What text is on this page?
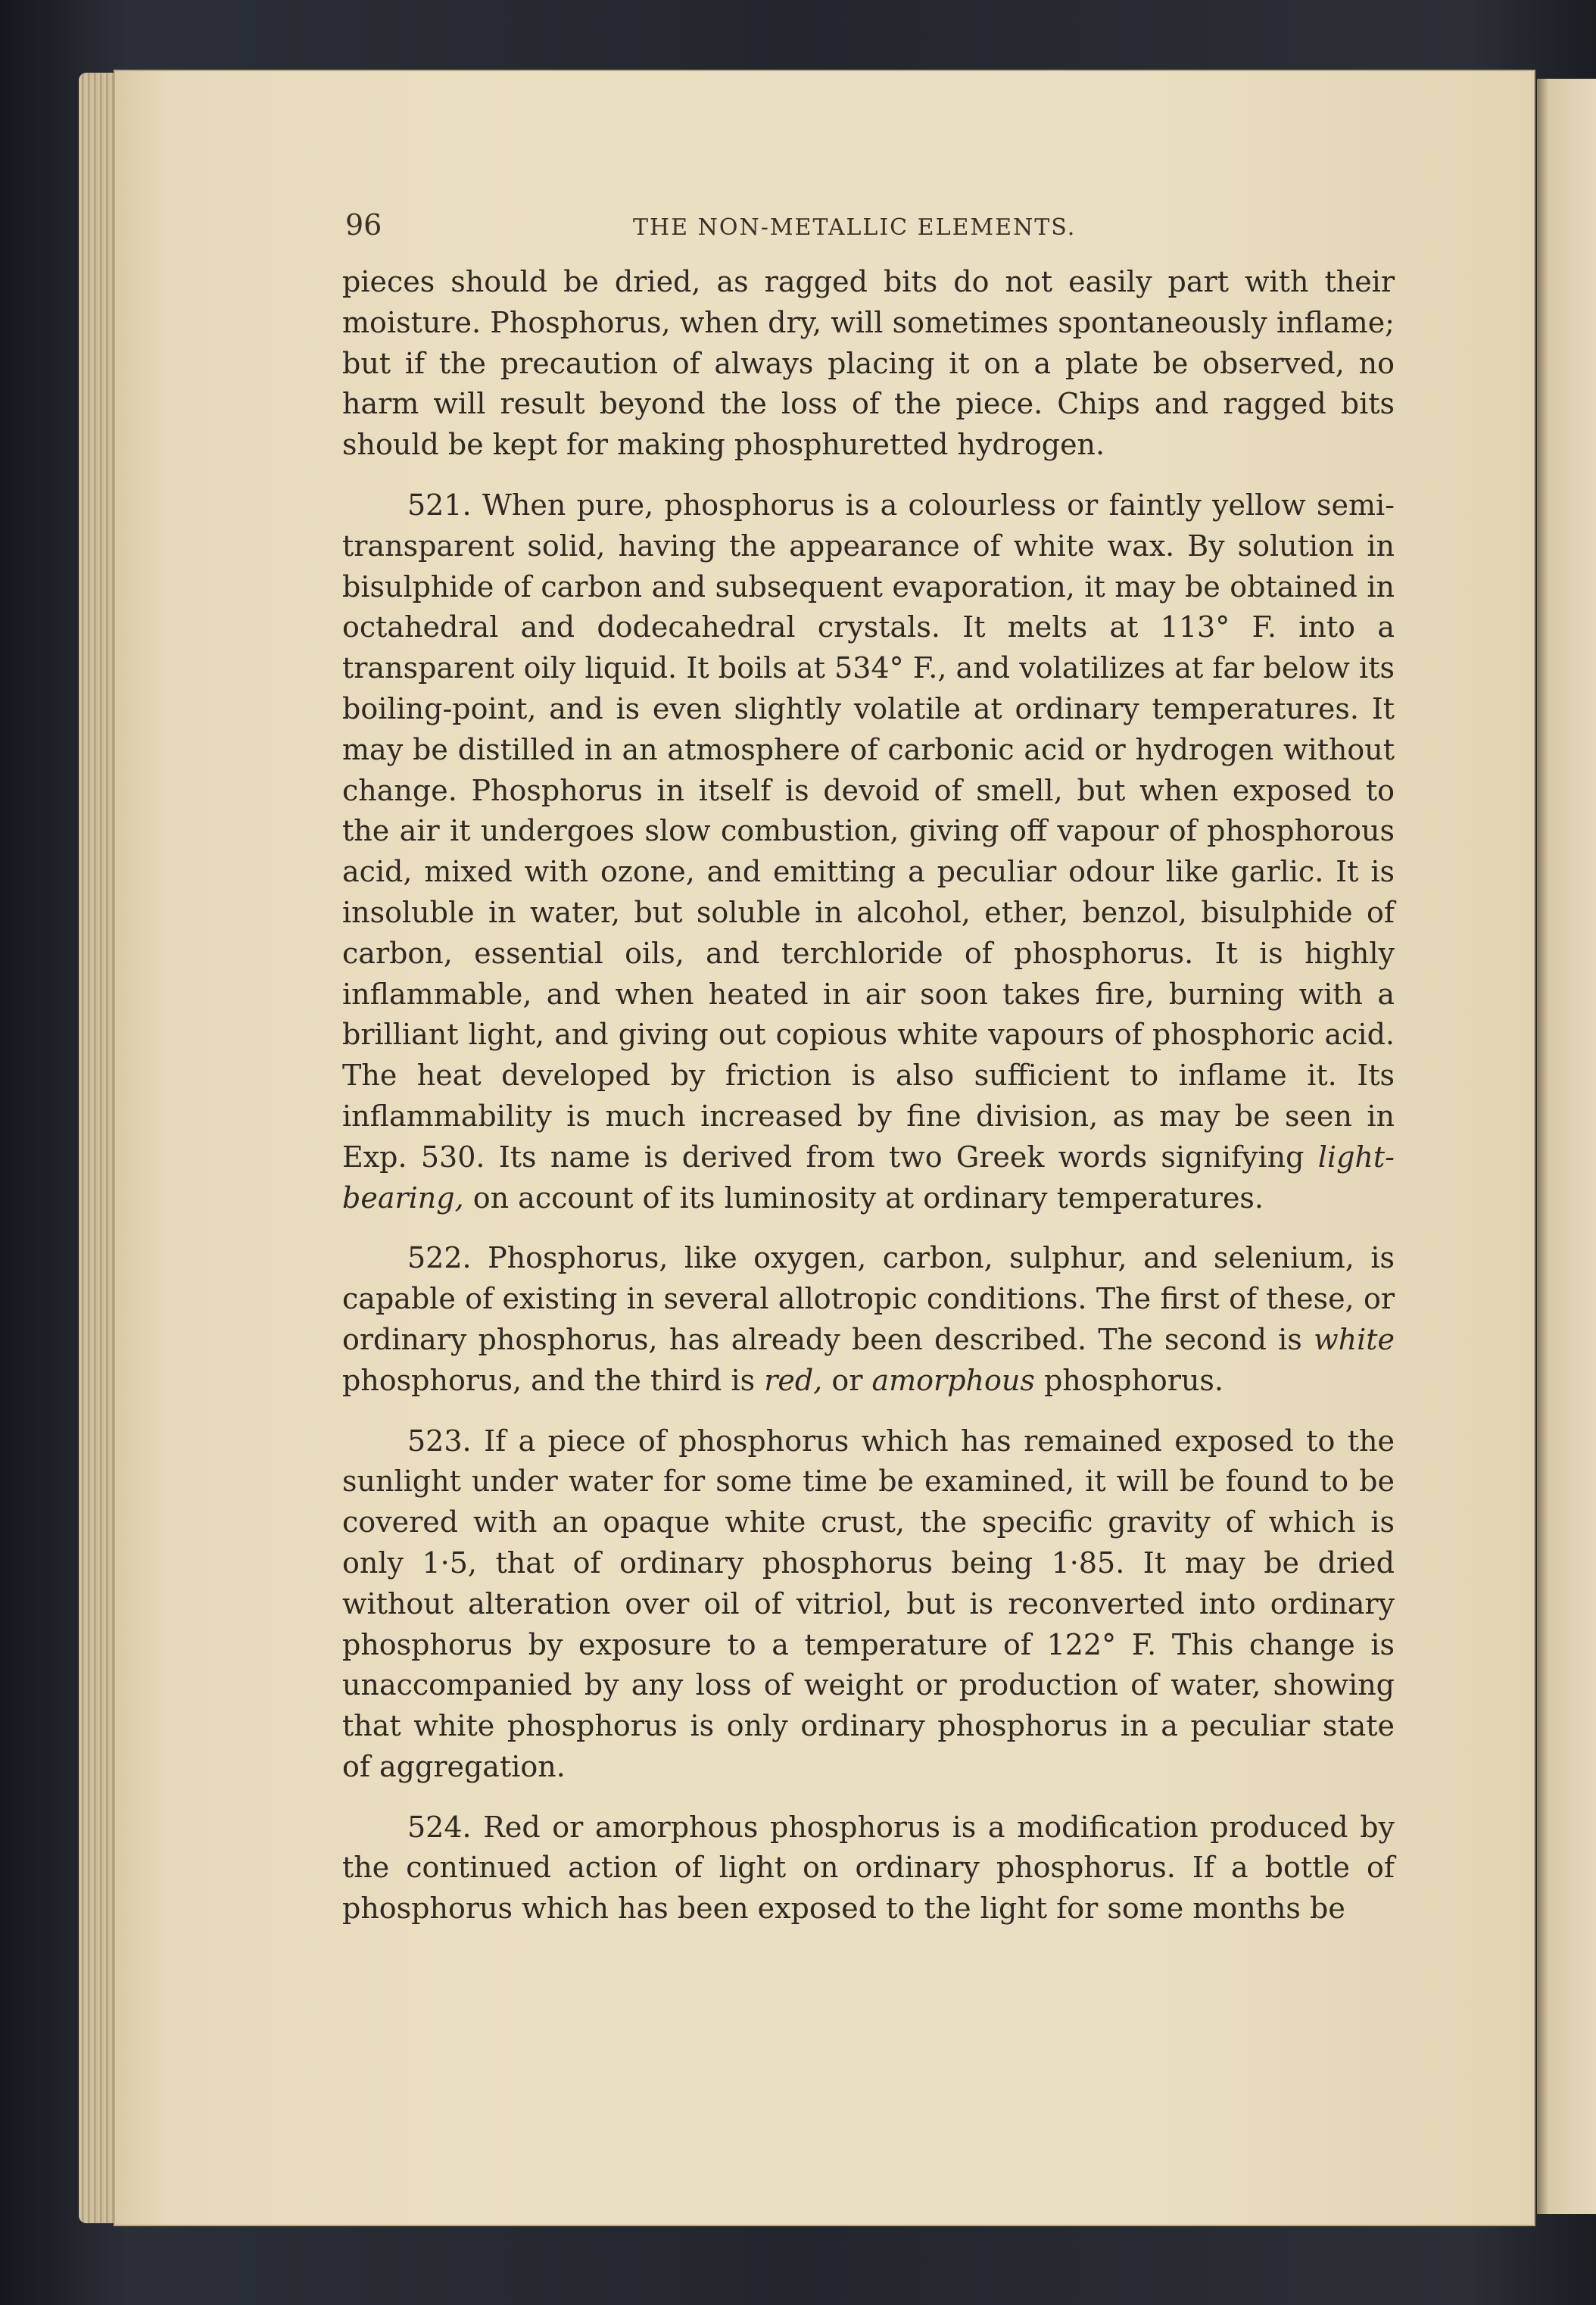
96	THE NON-METALLIC ELEMENTS.

pieces should be dried, as ragged bits do not easily part with their moisture. Phosphorus, when dry, will sometimes spontaneously inflame; but if the precaution of always placing it on a plate be observed, no harm will result beyond the loss of the piece. Chips and ragged bits should be kept for making phosphuretted hydrogen.

521. When pure, phosphorus is a colourless or faintly yellow semi-transparent solid, having the appearance of white wax. By solution in bisulphide of carbon and subsequent evaporation, it may be obtained in octahedral and dodecahedral crystals. It melts at 113° F. into a transparent oily liquid. It boils at 534° F., and volatilizes at far below its boiling-point, and is even slightly volatile at ordinary temperatures. It may be distilled in an atmosphere of carbonic acid or hydrogen without change. Phosphorus in itself is devoid of smell, but when exposed to the air it undergoes slow combustion, giving off vapour of phosphorous acid, mixed with ozone, and emitting a peculiar odour like garlic. It is insoluble in water, but soluble in alcohol, ether, benzol, bisulphide of carbon, essential oils, and terchloride of phosphorus. It is highly inflammable, and when heated in air soon takes fire, burning with a brilliant light, and giving out copious white vapours of phosphoric acid. The heat developed by friction is also sufficient to inflame it. Its inflammability is much increased by fine division, as may be seen in Exp. 530. Its name is derived from two Greek words signifying light-bearing, on account of its luminosity at ordinary temperatures.

522. Phosphorus, like oxygen, carbon, sulphur, and selenium, is capable of existing in several allotropic conditions. The first of these, or ordinary phosphorus, has already been described. The second is white phosphorus, and the third is red, or amorphous phosphorus.

523. If a piece of phosphorus which has remained exposed to the sunlight under water for some time be examined, it will be found to be covered with an opaque white crust, the specific gravity of which is only 1·5, that of ordinary phosphorus being 1·85. It may be dried without alteration over oil of vitriol, but is reconverted into ordinary phosphorus by exposure to a temperature of 122° F. This change is unaccompanied by any loss of weight or production of water, showing that white phosphorus is only ordinary phosphorus in a peculiar state of aggregation.

524. Red or amorphous phosphorus is a modification produced by the continued action of light on ordinary phosphorus. If a bottle of phosphorus which has been exposed to the light for some months be
